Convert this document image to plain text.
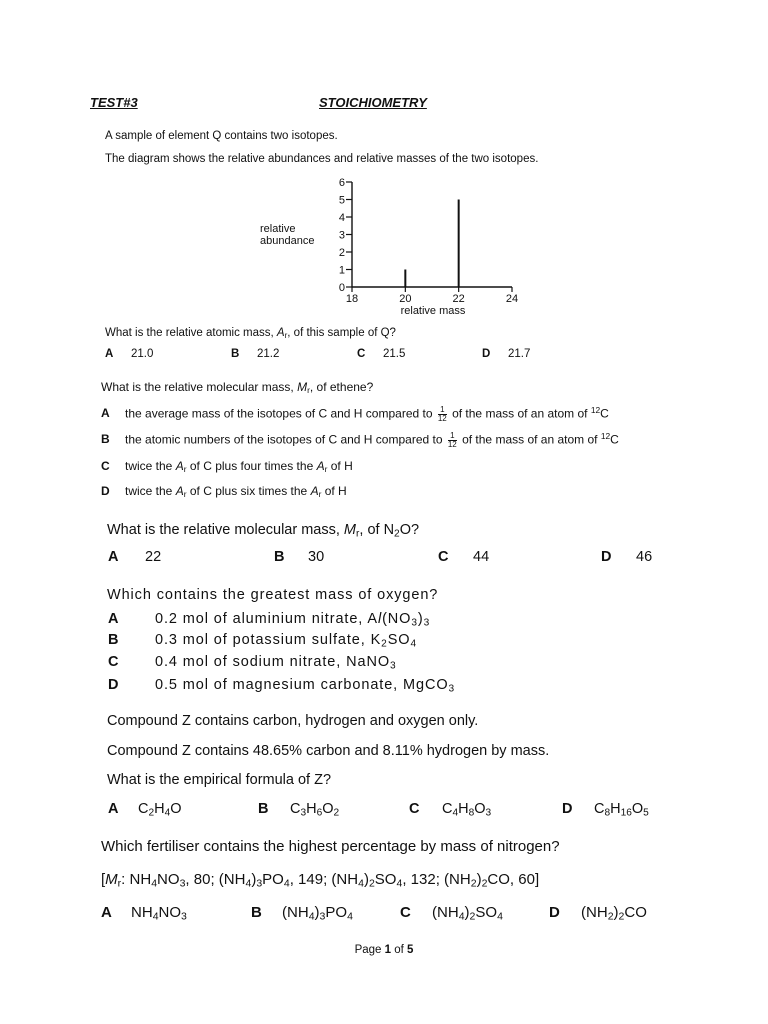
TEST#3	STOICHIOMETRY
A sample of element Q contains two isotopes.
The diagram shows the relative abundances and relative masses of the two isotopes.
0
1
2
3
4
5
6
18	20	22	24
relative
abundance
relative mass
What is the relative atomic mass, $A_r$, of this sample of Q?
A 21.0	B 21.2	C 21.5	D 21.7
What is the relative molecular mass, $M_r$, of ethene?
A the average mass of the isotopes of C and H compared to $\frac{1}{12}$ of the mass of an atom of $^{12}$C
B the atomic numbers of the isotopes of C and H compared to $\frac{1}{12}$ of the mass of an atom of $^{12}$C
C twice the $A_r$ of C plus four times the $A_r$ of H
D twice the $A_r$ of C plus six times the $A_r$ of H
What is the relative molecular mass, $M_r$, of $N_2O$?
A 22	B 30	C 44	D 46
Which contains the greatest mass of oxygen?
A	0.2 mol of aluminium nitrate, $Al(NO_3)_3$
B	0.3 mol of potassium sulfate, $K_2SO_4$
C	0.4 mol of sodium nitrate, NaNO$_3$
D	0.5 mol of magnesium carbonate, MgCO$_3$
Compound Z contains carbon, hydrogen and oxygen only.
Compound Z contains 48.65% carbon and 8.11% hydrogen by mass.
What is the empirical formula of Z?
A $C_2H_4O$	B $C_3H_6O_2$	C $C_4H_8O_3$	D $C_8H_{16}O_5$
Which fertiliser contains the highest percentage by mass of nitrogen?
[$M_r$: $NH_4NO_3$, 80; $(NH_4)_3PO_4$, 149; $(NH_4)_2SO_4$, 132; $(NH_2)_2CO$, 60]
A $NH_4NO_3$	B $(NH_4)_3PO_4$	C $(NH_4)_2SO_4$	D $(NH_2)_2CO$
Page 1 of 5
